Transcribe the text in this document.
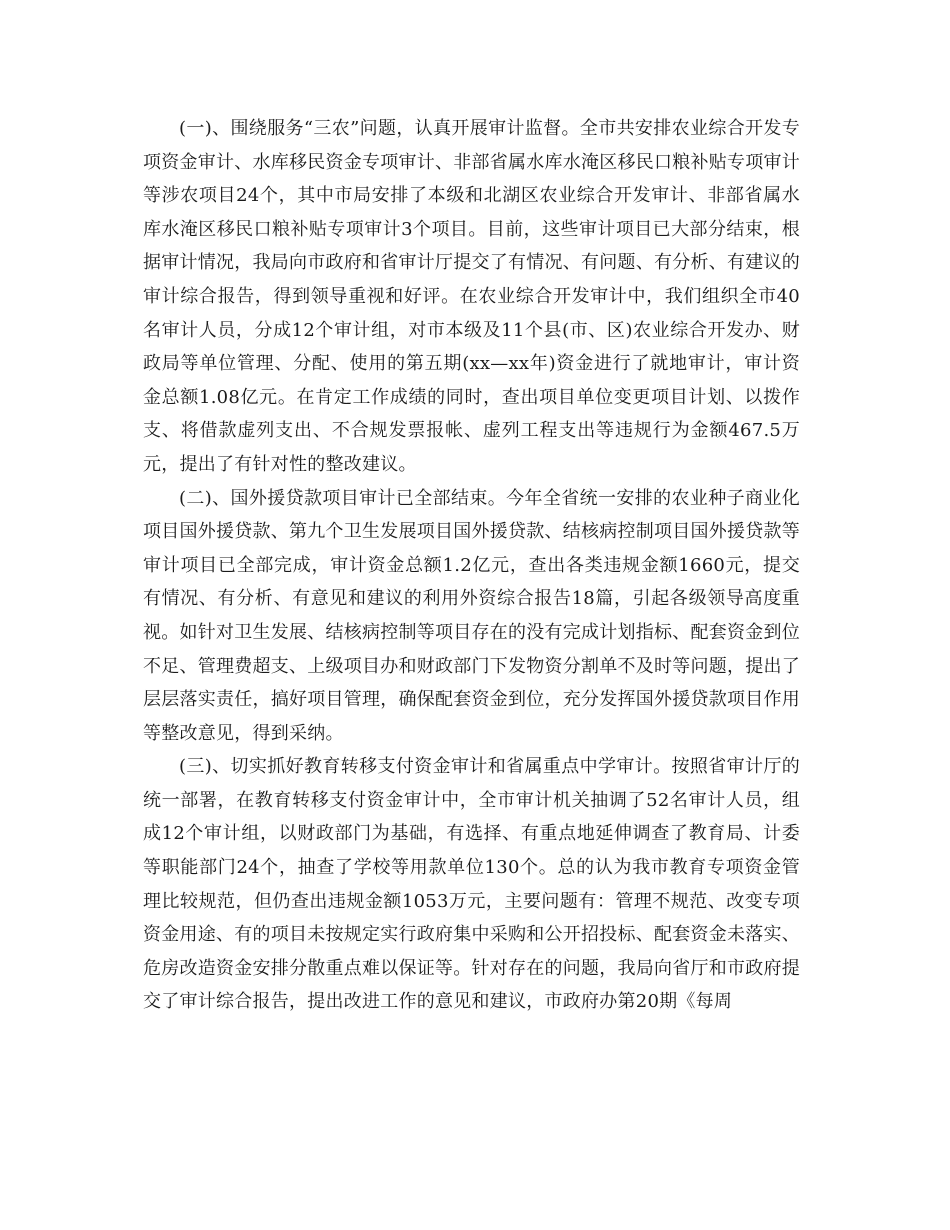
(一)、围绕服务“三农”问题，认真开展审计监督。全市共安排农业综合开发专项资金审计、水库移民资金专项审计、非部省属水库水淹区移民口粮补贴专项审计等涉农项目24个，其中市局安排了本级和北湖区农业综合开发审计、非部省属水库水淹区移民口粮补贴专项审计3个项目。目前，这些审计项目已大部分结束，根据审计情况，我局向市政府和省审计厅提交了有情况、有问题、有分析、有建议的审计综合报告，得到领导重视和好评。在农业综合开发审计中，我们组织全市40名审计人员，分成12个审计组，对市本级及11个县(市、区)农业综合开发办、财政局等单位管理、分配、使用的第五期(xx—xx年)资金进行了就地审计，审计资金总额1.08亿元。在肯定工作成绩的同时，查出项目单位变更项目计划、以拨作支、将借款虚列支出、不合规发票报帐、虚列工程支出等违规行为金额467.5万元，提出了有针对性的整改建议。

(二)、国外援贷款项目审计已全部结束。今年全省统一安排的农业种子商业化项目国外援贷款、第九个卫生发展项目国外援贷款、结核病控制项目国外援贷款等审计项目已全部完成，审计资金总额1.2亿元，查出各类违规金额1660元，提交有情况、有分析、有意见和建议的利用外资综合报告18篇，引起各级领导高度重视。如针对卫生发展、结核病控制等项目存在的没有完成计划指标、配套资金到位不足、管理费超支、上级项目办和财政部门下发物资分割单不及时等问题，提出了层层落实责任，搞好项目管理，确保配套资金到位，充分发挥国外援贷款项目作用等整改意见，得到采纳。

(三)、切实抓好教育转移支付资金审计和省属重点中学审计。按照省审计厅的统一部署，在教育转移支付资金审计中，全市审计机关抽调了52名审计人员，组成12个审计组，以财政部门为基础，有选择、有重点地延伸调查了教育局、计委等职能部门24个，抽查了学校等用款单位130个。总的认为我市教育专项资金管理比较规范，但仍查出违规金额1053万元，主要问题有：管理不规范、改变专项资金用途、有的项目未按规定实行政府集中采购和公开招投标、配套资金未落实、危房改造资金安排分散重点难以保证等。针对存在的问题，我局向省厅和市政府提交了审计综合报告，提出改进工作的意见和建议，市政府办第20期《每周
